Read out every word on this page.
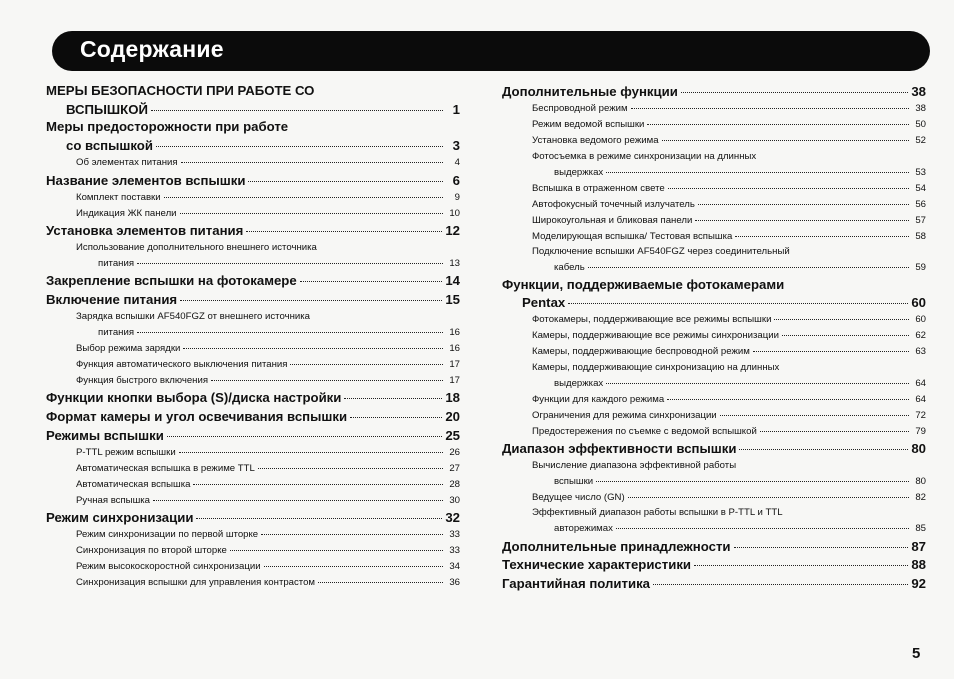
Содержание
МЕРЫ БЕЗОПАСНОСТИ ПРИ РАБОТЕ СО
ВСПЫШКОЙ	1
Меры предосторожности при работе
со вспышкой	3
Об элементах питания	4
Название элементов вспышки	6
Комплект поставки	9
Индикация ЖК панели	10
Установка элементов питания	12
Использование дополнительного внешнего источника
питания	13
Закрепление вспышки на фотокамере	14
Включение питания	15
Зарядка вспышки AF540FGZ от внешнего источника
питания	16
Выбор режима зарядки	16
Функция автоматического выключения питания	17
Функция быстрого включения	17
Функции кнопки выбора (S)/диска настройки	18
Формат камеры и угол освечивания вспышки	20
Режимы вспышки	25
P-TTL режим вспышки	26
Автоматическая вспышка в режиме TTL	27
Автоматическая вспышка	28
Ручная вспышка	30
Режим синхронизации	32
Режим синхронизации по первой шторке	33
Синхронизация по второй шторке	33
Режим высокоскоростной синхронизации	34
Синхронизация вспышки для управления контрастом	36
Дополнительные функции	38
Беспроводной режим	38
Режим ведомой вспышки	50
Установка ведомого режима	52
Фотосъемка в режиме синхронизации на длинных
выдержках	53
Вспышка в отраженном свете	54
Автофокусный точечный излучатель	56
Широкоугольная и бликовая панели	57
Моделирующая вспышка/ Тестовая вспышка	58
Подключение вспышки AF540FGZ через соединительный
кабель	59
Функции, поддерживаемые фотокамерами
Pentax	60
Фотокамеры, поддерживающие все режимы вспышки	60
Камеры, поддерживающие все режимы синхронизации	62
Камеры, поддерживающие беспроводной режим	63
Камеры, поддерживающие синхронизацию на длинных
выдержках	64
Функции для каждого режима	64
Ограничения для режима синхронизации	72
Предостережения по съемке с ведомой вспышкой	79
Диапазон эффективности вспышки	80
Вычисление диапазона эффективной работы
вспышки	80
Ведущее число (GN)	82
Эффективный диапазон работы вспышки в P-TTL и TTL
авторежимах	85
Дополнительные принадлежности	87
Технические характеристики	88
Гарантийная политика	92
5
